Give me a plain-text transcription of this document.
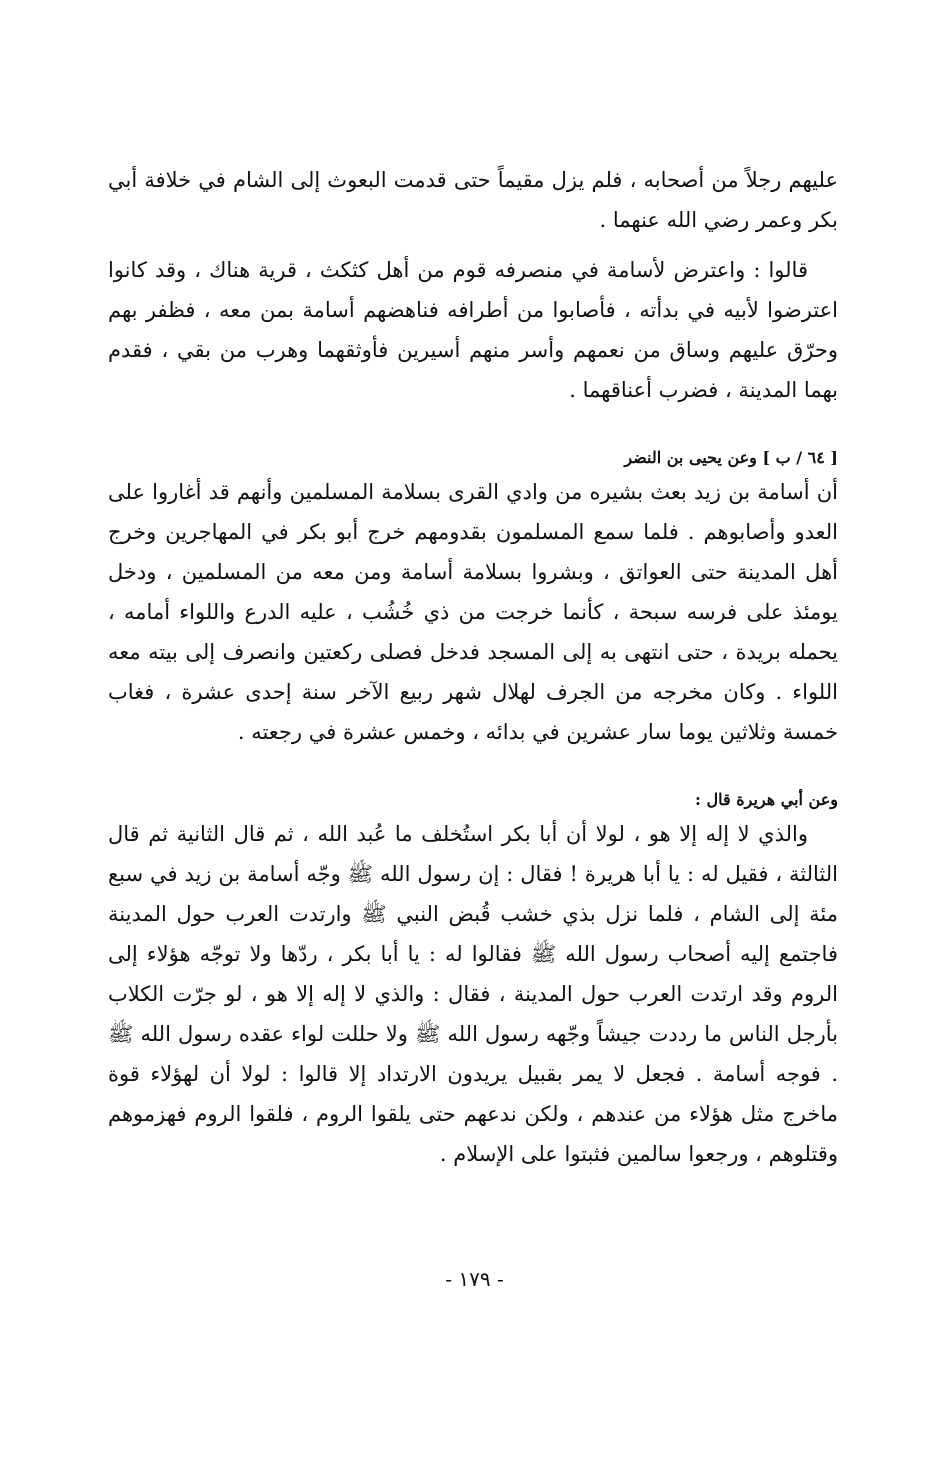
عليهم رجلاً من أصحابه ، فلم يزل مقيماً حتى قدمت البعوث إلى الشام في خلافة أبي بكر وعمر رضي الله عنهما .

قالوا : واعترض لأسامة في منصرفه قوم من أهل كثكث ، قرية هناك ، وقد كانوا اعترضوا لأبيه في بدأته ، فأصابوا من أطرافه فناهضهم أسامة بمن معه ، فظفر بهم وحرّق عليهم وساق من نعمهم وأسر منهم أسيرين فأوثقهما وهرب من بقي ، فقدم بهما المدينة ، فضرب أعناقهما .

[ ٦٤ / ب ] وعن يحيى بن النضر

أن أسامة بن زيد بعث بشيره من وادي القرى بسلامة المسلمين وأنهم قد أغاروا على العدو وأصابوهم . فلما سمع المسلمون بقدومهم خرج أبو بكر في المهاجرين وخرج أهل المدينة حتى العواتق ، وبشروا بسلامة أسامة ومن معه من المسلمين ، ودخل يومئذ على فرسه سبحة ، كأنما خرجت من ذي خُشُب ، عليه الدرع واللواء أمامه ، يحمله بريدة ، حتى انتهى به إلى المسجد فدخل فصلى ركعتين وانصرف إلى بيته معه اللواء . وكان مخرجه من الجرف لهلال شهر ربيع الآخر سنة إحدى عشرة ، فغاب خمسة وثلاثين يوما سار عشرين في بدائه ، وخمس عشرة في رجعته .

وعن أبي هريرة قال :

والذي لا إله إلا هو ، لولا أن أبا بكر استُخلف ما عُبد الله ، ثم قال الثانية ثم قال الثالثة ، فقيل له : يا أبا هريرة ! فقال : إن رسول الله ﷺ وجّه أسامة بن زيد في سبع مئة إلى الشام ، فلما نزل بذي خشب قُبض النبي ﷺ وارتدت العرب حول المدينة فاجتمع إليه أصحاب رسول الله ﷺ فقالوا له : يا أبا بكر ، ردّها ولا توجّه هؤلاء إلى الروم وقد ارتدت العرب حول المدينة ، فقال : والذي لا إله إلا هو ، لو جرّت الكلاب بأرجل الناس ما رددت جيشاً وجّهه رسول الله ﷺ ولا حللت لواء عقده رسول الله ﷺ . فوجه أسامة . فجعل لا يمر بقبيل يريدون الارتداد إلا قالوا : لولا أن لهؤلاء قوة ماخرج مثل هؤلاء من عندهم ، ولكن ندعهم حتى يلقوا الروم ، فلقوا الروم فهزموهم وقتلوهم ، ورجعوا سالمين فثبتوا على الإسلام .

- ١٧٩ -
